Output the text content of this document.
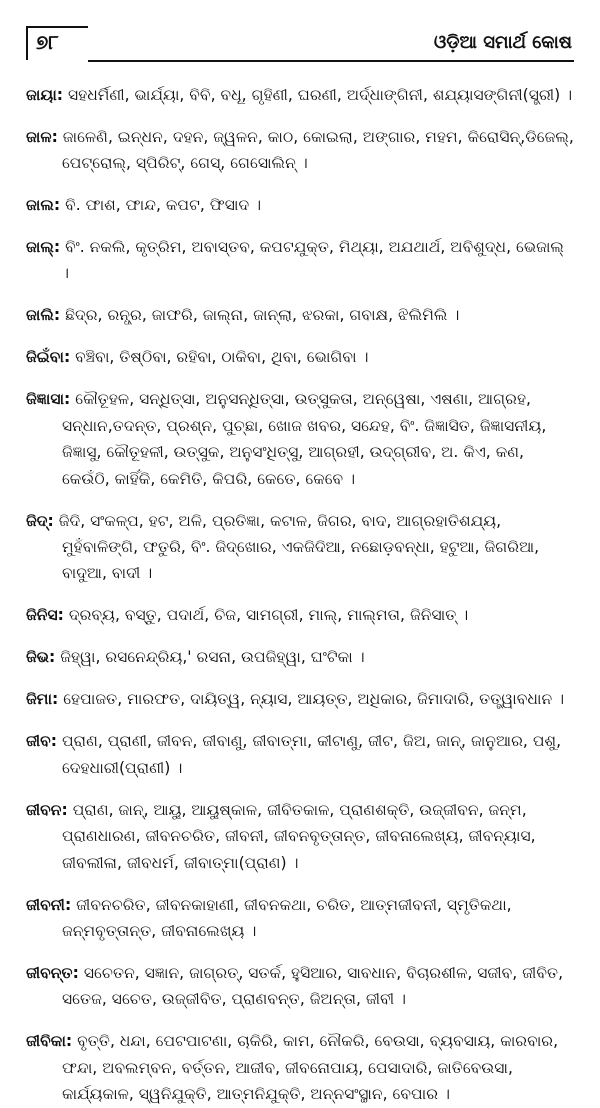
୭୮	ଓଡ଼ିଆ ସମାର୍ଥ କୋଷ

ଜାୟା: ସହଧର୍ମିଣୀ, ଭାର୍ଯ୍ୟା, ବିବି, ବଧୂ, ଗୃହିଣୀ, ଘରଣୀ, ଅର୍ଦ୍ଧାଙ୍ଗିନୀ, ଶଯ୍ୟାସଙ୍ଗିନୀ(ସ୍ତ୍ରୀ) ।

ଜାଳ: ଜାଳେଣି, ଇନ୍ଧନ, ଦହନ, ଜ୍ୱଳନ, କାଠ, କୋଇଲା, ଅଙ୍ଗାର, ମହମ, କିରୋସିନ୍,ଡିଜେଲ୍, ପେଟ୍ରୋଲ୍, ସ୍ପିରିଟ୍, ଗେସ୍, ଗେସୋଲିନ୍ ।

ଜାଲ: ବି. ଫାଶ, ଫାନ୍ଦ, କପଟ, ଫିସାଦ ।

ଜାଲ୍: ବିଂ. ନକଲି, କୃତ୍ରିମ, ଅବାସ୍ତବ, କପଟଯୁକ୍ତ, ମିଥ୍ୟା, ଅଯଥାର୍ଥ, ଅବିଶୁଦ୍ଧ, ଭେଜାଲ୍ ।

ଜାଲି: ଛିଦ୍ର, ରନ୍ଧ୍ର, ଜାଫରି, ଜାଲ୍‌ନା, ଜାନ୍‌ଲା, ଝରକା, ଗବାକ୍ଷ, ଝିଲିମିଲି ।

ଜିଇଁବା: ବଞ୍ଚିବା, ତିଷ୍ଠିବା, ରହିବା, ଠାକିବା, ଥିବା, ଭୋଗିବା ।

ଜିଜ୍ଞାସା: କୌତୂହଳ, ସନ୍ଧିତ୍ସା, ଅନୁସନ୍ଧିତ୍ସା, ଉତ୍ସୁକତା, ଅନ୍ୱେଷା, ଏଷଣା, ଆଗ୍ରହ, ସନ୍ଧାନ,ତଦନ୍ତ, ପ୍ରଶ୍ନ, ପୁଚ୍ଛା, ଖୋଜ ଖବର, ସନ୍ଦେହ, ବିଂ. ଜିଜ୍ଞାସିତ, ଜିଜ୍ଞାସନୀୟ, ଜିଜ୍ଞାସୁ, କୌତୂହଳୀ, ଉତ୍ସୁକ, ଅନୁସଂଧିତ୍ସୁ, ଆଗ୍ରହୀ, ଉଦ୍‌ଗ୍ରୀବ, ଅ. କିଏ, କଣ, କେଉଁଠି, କାହିଁକି, କେମିତି, କିପରି, କେତେ, କେବେ ।

ଜିଦ୍: ଜିଦି, ସଂକଳ୍ପ, ହଟ, ଅଳି, ପ୍ରତିଜ୍ଞା, କଟାଳ, ଜିଗର, ବାଦ, ଆଗ୍ରହାତିଶଯ୍ୟ, ମୁହଁବାଳିଙ୍ଗି, ଫତୁରି, ବିଂ. ଜିଦ୍‌ଖୋର, ଏକଜିଦିଆ, ନଛୋଡ଼ବନ୍ଧା, ହଟୁଆ, ଜିଗରିଆ, ବାଦୁଆ, ବାଦୀ ।

ଜିନିସ: ଦ୍ରବ୍ୟ, ବସ୍ତୁ, ପଦାର୍ଥ, ଚିଜ, ସାମଗ୍ରୀ, ମାଲ୍, ମାଲ୍‌ମତା, ଜିନିସାତ୍ ।

ଜିଭ: ଜିହ୍ୱା, ରସନେନ୍ଦ୍ରିୟ,' ରସନା, ଉପଜିହ୍ୱା, ଘଂଟିକା ।

ଜିମା: ହେପାଜତ, ମାରଫତ, ଦାୟିତ୍ୱ, ନ୍ୟାସ, ଆୟତ୍ତ, ଅଧିକାର, ଜିମାଦାରି, ତତ୍ତ୍ୱାବଧାନ ।

ଜୀବ: ପ୍ରାଣ, ପ୍ରାଣୀ, ଜୀବନ, ଜୀବାଣୁ, ଜୀବାତ୍ମା, କୀଟାଣୁ, ଜୀଟ, ଜିଅ, ଜାନ୍, ଜାନୁଆର, ପଶୁ, ଦେହଧାରୀ(ପ୍ରାଣୀ) ।

ଜୀବନ: ପ୍ରାଣ, ଜାନ୍, ଆୟୁ, ଆୟୁଷ୍କାଳ, ଜୀବିତକାଳ, ପ୍ରାଣଶକ୍ତି, ଉଜ୍ଜୀବନ, ଜନ୍ମ, ପ୍ରାଣଧାରଣ, ଜୀବନଚରିତ, ଜୀବନୀ, ଜୀବନବୃତ୍ତାନ୍ତ, ଜୀବନାଲେଖ୍ୟ, ଜୀବନ୍ୟାସ, ଜୀବଲୀଳା, ଜୀବଧର୍ମ, ଜୀବାତ୍ମା(ପ୍ରାଣ) ।

ଜୀବନୀ: ଜୀବନଚରିତ, ଜୀବନକାହାଣୀ, ଜୀବନକଥା, ଚରିତ, ଆତ୍ମଜୀବନୀ, ସ୍ମୃତିକଥା, ଜନ୍ମବୃତ୍ତାନ୍ତ, ଜୀବନାଲେଖ୍ୟ ।

ଜୀବନ୍ତ: ସଚେତନ, ସଜ୍ଞାନ, ଜାଗ୍ରତ୍, ସତର୍କ, ହୁସିଆର, ସାବଧାନ, ବିଚାରଶୀଳ, ସଜୀବ, ଜୀବିତ, ସତେଜ, ସଚେତ, ଉଜ୍ଜୀବିତ, ପ୍ରାଣବନ୍ତ, ଜିଅନ୍ତା, ଜୀବୀ ।

ଜୀବିକା: ବୃତ୍ତି, ଧନ୍ଦା, ପେଟପାଟଣା, ଚାକିରି, କାମ, ନୌକରି, ବେଉସା, ବ୍ୟବସାୟ, କାରବାର, ଫନ୍ଦା, ଅବଲମ୍ବନ, ବର୍ତ୍ତନ, ଆଜୀବ, ଜୀବନୋପାୟ, ପେସାଦାରି, ଜାତିବେଉସା, କାର୍ଯ୍ୟକାଳ, ସ୍ୱନିଯୁକ୍ତି, ଆତ୍ମନିଯୁକ୍ତି, ଅନ୍ନସଂସ୍ଥାନ, ବେପାର ।
